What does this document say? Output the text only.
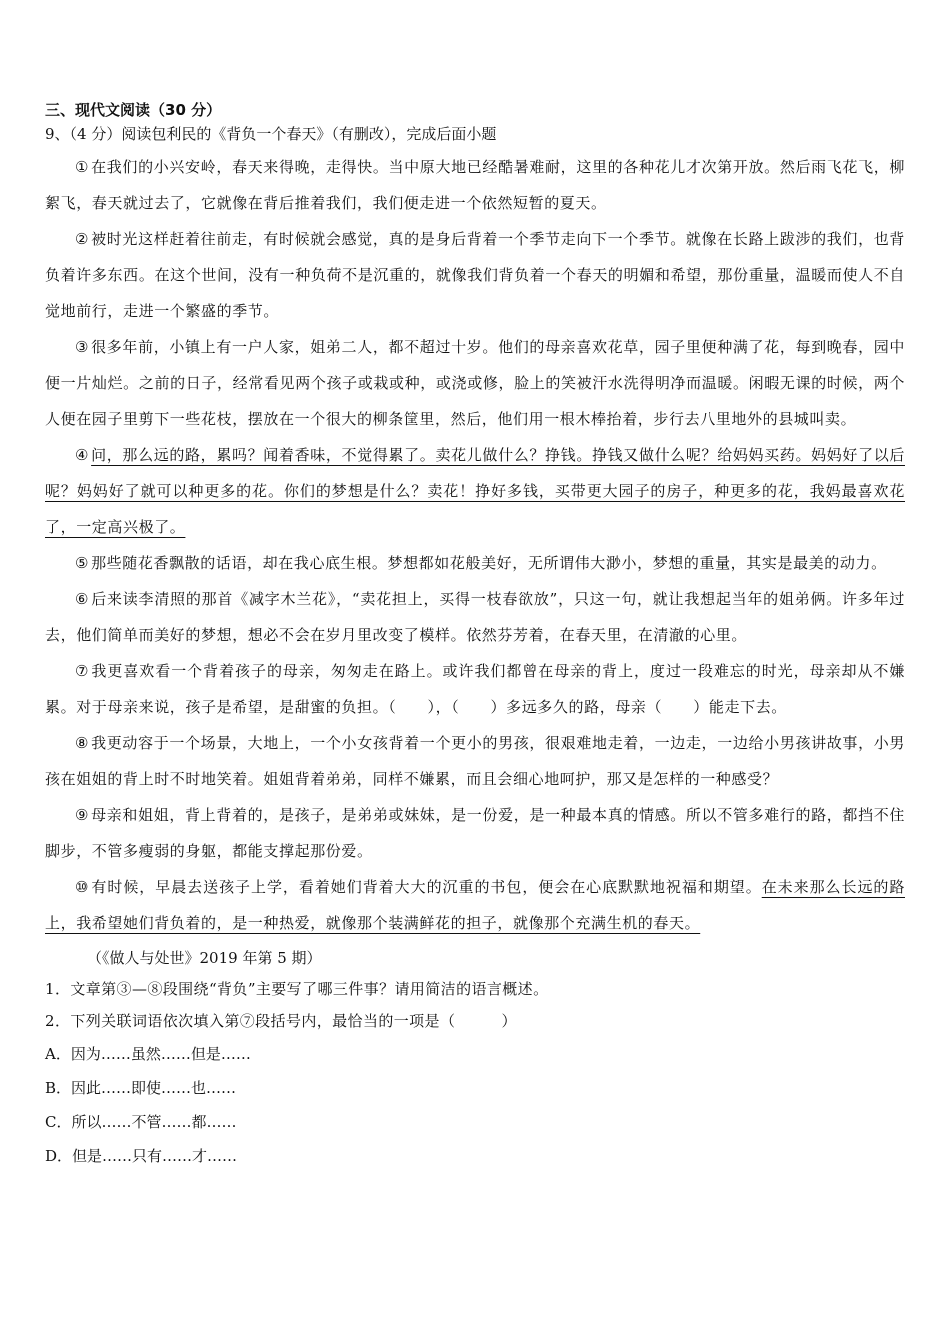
三、现代文阅读（30 分）

9、（4 分）阅读包利民的《背负一个春天》（有删改），完成后面小题

① 在我们的小兴安岭，春天来得晚，走得快。当中原大地已经酷暑难耐，这里的各种花儿才次第开放。然后雨飞花飞，柳絮飞，春天就过去了，它就像在背后推着我们，我们便走进一个依然短暂的夏天。

② 被时光这样赶着往前走，有时候就会感觉，真的是身后背着一个季节走向下一个季节。就像在长路上跋涉的我们，也背负着许多东西。在这个世间，没有一种负荷不是沉重的，就像我们背负着一个春天的明媚和希望，那份重量，温暖而使人不自觉地前行，走进一个繁盛的季节。

③ 很多年前，小镇上有一户人家，姐弟二人，都不超过十岁。他们的母亲喜欢花草，园子里便种满了花，每到晚春，园中便一片灿烂。之前的日子，经常看见两个孩子或栽或种，或浇或修，脸上的笑被汗水洗得明净而温暖。闲暇无课的时候，两个人便在园子里剪下一些花枝，摆放在一个很大的柳条筐里，然后，他们用一根木棒抬着，步行去八里地外的县城叫卖。

④ 问，那么远的路，累吗？闻着香味，不觉得累了。卖花儿做什么？挣钱。挣钱又做什么呢？给妈妈买药。妈妈好了以后呢？妈妈好了就可以种更多的花。你们的梦想是什么？卖花！挣好多钱，买带更大园子的房子，种更多的花，我妈最喜欢花了，一定高兴极了。

⑤ 那些随花香飘散的话语，却在我心底生根。梦想都如花般美好，无所谓伟大渺小，梦想的重量，其实是最美的动力。

⑥ 后来读李清照的那首《减字木兰花》，“卖花担上，买得一枝春欲放”，只这一句，就让我想起当年的姐弟俩。许多年过去，他们简单而美好的梦想，想必不会在岁月里改变了模样。依然芬芳着，在春天里，在清澈的心里。

⑦ 我更喜欢看一个背着孩子的母亲，匆匆走在路上。或许我们都曾在母亲的背上，度过一段难忘的时光，母亲却从不嫌累。对于母亲来说，孩子是希望，是甜蜜的负担。（　　），（　　）多远多久的路，母亲（　　）能走下去。

⑧ 我更动容于一个场景，大地上，一个小女孩背着一个更小的男孩，很艰难地走着，一边走，一边给小男孩讲故事，小男孩在姐姐的背上时不时地笑着。姐姐背着弟弟，同样不嫌累，而且会细心地呵护，那又是怎样的一种感受？

⑨ 母亲和姐姐，背上背着的，是孩子，是弟弟或妹妹，是一份爱，是一种最本真的情感。所以不管多难行的路，都挡不住脚步，不管多瘦弱的身躯，都能支撑起那份爱。

⑩ 有时候，早晨去送孩子上学，看着她们背着大大的沉重的书包，便会在心底默默地祝福和期望。在未来那么长远的路上，我希望她们背负着的，是一种热爱，就像那个装满鲜花的担子，就像那个充满生机的春天。

（《做人与处世》2019 年第 5 期）

1．文章第③—⑧段围绕“背负”主要写了哪三件事？请用简洁的语言概述。

2．下列关联词语依次填入第⑦段括号内，最恰当的一项是（　　　）

A．因为……虽然……但是……

B．因此……即使……也……

C．所以……不管……都……

D．但是……只有……才……
